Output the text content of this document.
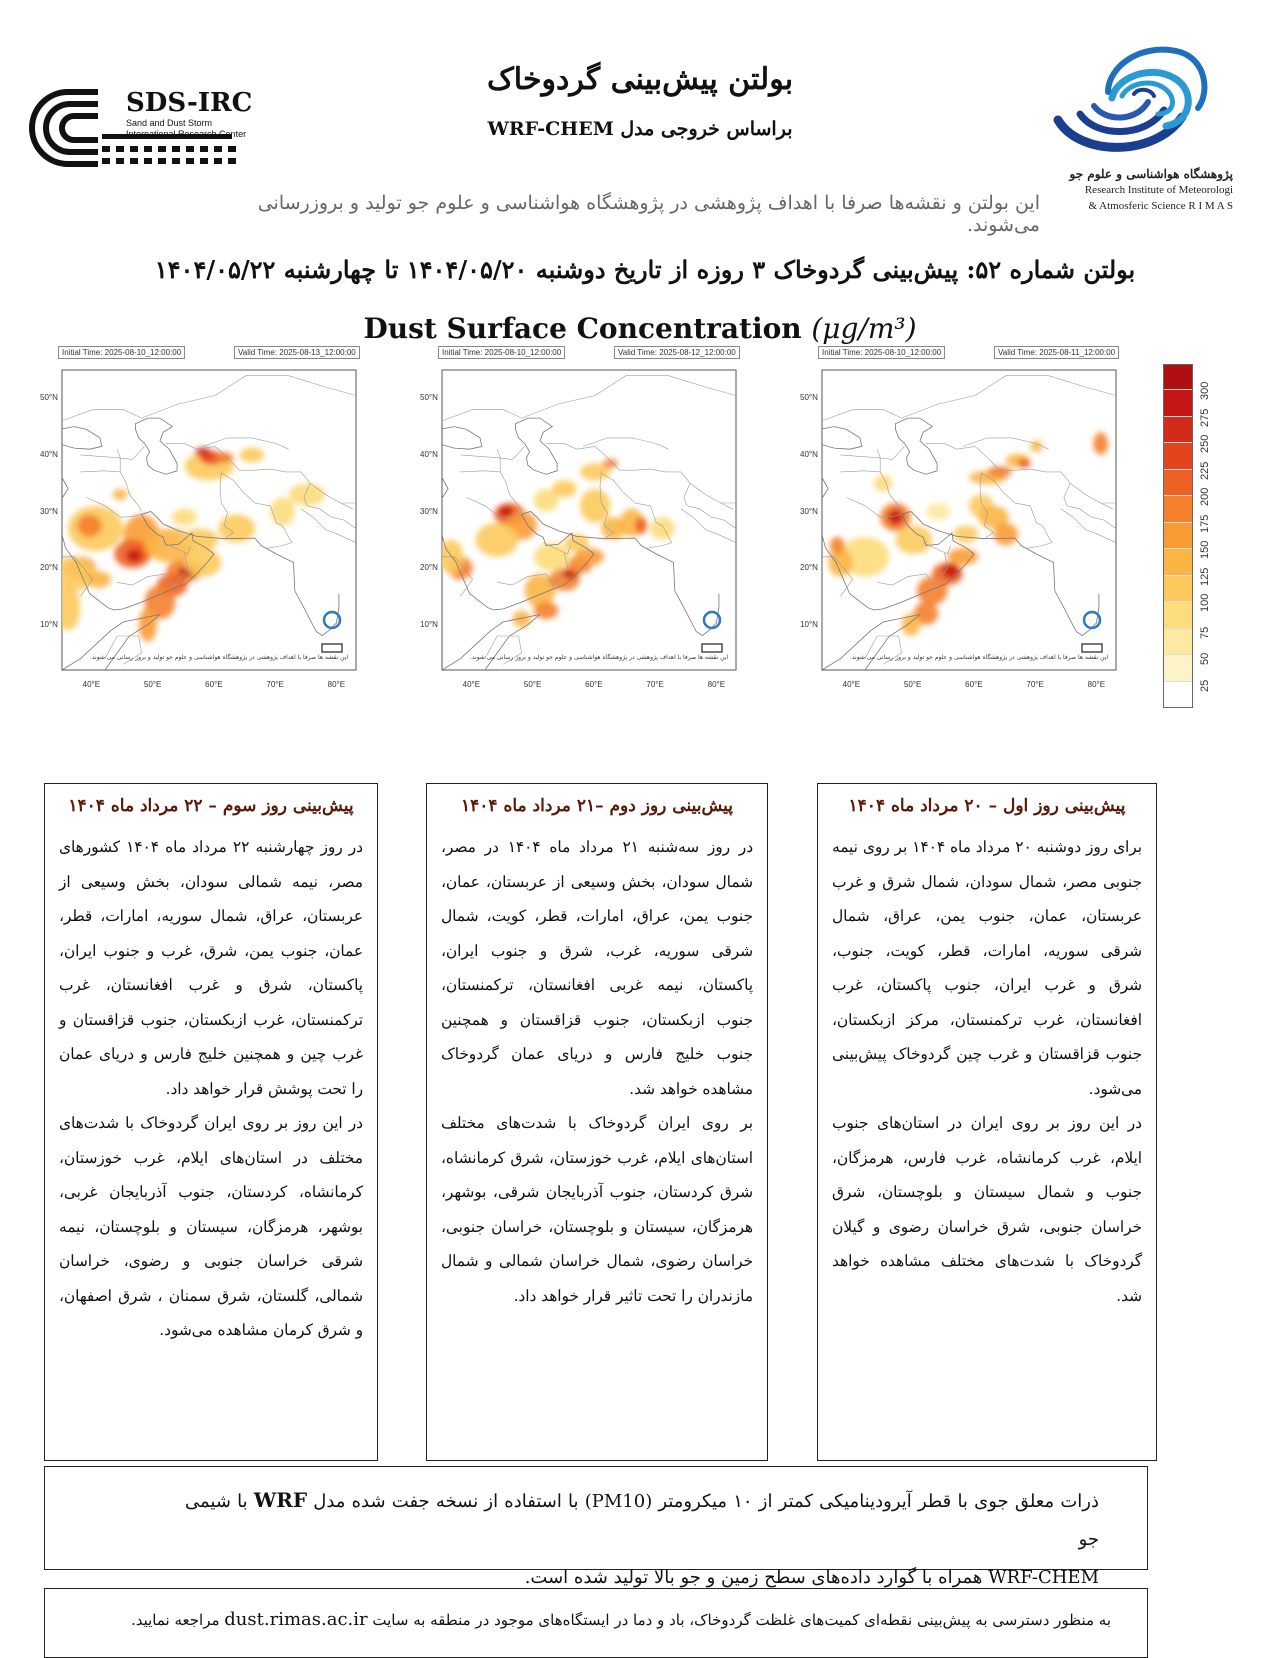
بولتن پیش‌بینی گردوخاک
براساس خروجی مدل WRF-CHEM
این بولتن و نقشه‌ها صرفا با اهداف پژوهشی در پژوهشگاه هواشناسی و علوم جو تولید و بروزرسانی می‌شوند.
پژوهشگاه هواشناسی و علوم جو
Research Institute of Meteorologi
& Atmosferic Science R I M A S
SDS-IRC
Sand and Dust Storm
International Research Center
بولتن شماره ۵۲: پیش‌بینی گردوخاک ۳ روزه از تاریخ دوشنبه ۱۴۰۴/۰۵/۲۰ تا چهارشنبه ۱۴۰۴/۰۵/۲۲
Dust Surface Concentration (μg/m³)
50°N
40°N
30°N
20°N
10°N
40°E	50°E	60°E	70°E	80°E
Initial Time: 2025-08-10_12:00:00	Valid Time: 2025-08-13_12:00:00
این نقشه ها صرفا با اهداف پژوهشی در پژوهشگاه هواشناسی و علوم جو تولید و بروز رسانی می شوند.
50°N
40°N
30°N
20°N
10°N
40°E	50°E	60°E	70°E	80°E
Initial Time: 2025-08-10_12:00:00	Valid Time: 2025-08-12_12:00:00
این نقشه ها صرفا با اهداف پژوهشی در پژوهشگاه هواشناسی و علوم جو تولید و بروز رسانی می شوند.
50°N
40°N
30°N
20°N
10°N
40°E	50°E	60°E	70°E	80°E
Initial Time: 2025-08-10_12:00:00	Valid Time: 2025-08-11_12:00:00
این نقشه ها صرفا با اهداف پژوهشی در پژوهشگاه هواشناسی و علوم جو تولید و بروز رسانی می شوند.
25
50
75
100
125
150
175
200
225
250
275
300
پیش‌بینی روز سوم – ۲۲ مرداد ماه ۱۴۰۴

در روز چهارشنبه ۲۲ مرداد ماه ۱۴۰۴ کشورهای مصر، نیمه شمالی سودان، بخش وسیعی از عربستان، عراق، شمال سوریه، امارات، قطر، عمان، جنوب یمن، شرق، غرب و جنوب ایران، پاکستان، شرق و غرب افغانستان، غرب ترکمنستان، غرب ازبکستان، جنوب قزاقستان و غرب چین و همچنین خلیج فارس و دریای عمان را تحت پوشش قرار خواهد داد.

در این روز بر روی ایران گردوخاک با شدت‌های مختلف در استان‌های ایلام، غرب خوزستان، کرمانشاه، کردستان، جنوب آذربایجان غربی، بوشهر، هرمزگان، سیستان و بلوچستان، نیمه شرقی خراسان جنوبی و رضوی، خراسان شمالی، گلستان، شرق سمنان ، شرق اصفهان، و شرق کرمان مشاهده می‌شود.

پیش‌بینی روز دوم –۲۱ مرداد ماه ۱۴۰۴

در روز سه‌شنبه ۲۱ مرداد ماه ۱۴۰۴ در مصر، شمال سودان، بخش وسیعی از عربستان، عمان، جنوب یمن، عراق، امارات، قطر، کویت، شمال شرقی سوریه، غرب، شرق و جنوب ایران، پاکستان، نیمه غربی افغانستان، ترکمنستان، جنوب ازبکستان، جنوب قزاقستان و همچنین جنوب خلیج فارس و دریای عمان گردوخاک مشاهده خواهد شد.

بر روی ایران گردوخاک با شدت‌های مختلف استان‌های ایلام، غرب خوزستان، شرق کرمانشاه، شرق کردستان، جنوب آذربایجان شرقی، بوشهر، هرمزگان، سیستان و بلوچستان، خراسان جنوبی، خراسان رضوی، شمال خراسان شمالی و شمال مازندران را تحت تاثیر قرار خواهد داد.

پیش‌بینی روز اول – ۲۰ مرداد ماه ۱۴۰۴

برای روز دوشنبه ۲۰ مرداد ماه ۱۴۰۴ بر روی نیمه جنوبی مصر، شمال سودان، شمال شرق و غرب عربستان، عمان، جنوب یمن، عراق، شمال شرقی سوریه، امارات، قطر، کویت، جنوب، شرق و غرب ایران، جنوب پاکستان، غرب افغانستان، غرب ترکمنستان، مرکز ازبکستان، جنوب قزاقستان و غرب چین گردوخاک پیش‌بینی می‌شود.

در این روز بر روی ایران در استان‌های جنوب ایلام، غرب کرمانشاه، غرب فارس، هرمزگان، جنوب و شمال سیستان و بلوچستان، شرق خراسان جنوبی، شرق خراسان رضوی و گیلان گردوخاک با شدت‌های مختلف مشاهده خواهد شد.

ذرات معلق جوی با قطر آیرودینامیکی کمتر از ۱۰ میکرومتر (PM10) با استفاده از نسخه جفت شده مدل WRF با شیمی جو
WRF-CHEM همراه با گوارد داده‌های سطح زمین و جو بالا تولید شده است.

به منظور دسترسی به پیش‌بینی نقطه‌ای کمیت‌های غلظت گردوخاک، باد و دما در ایستگاه‌های موجود در منطقه به سایت dust.rimas.ac.ir مراجعه نمایید.
